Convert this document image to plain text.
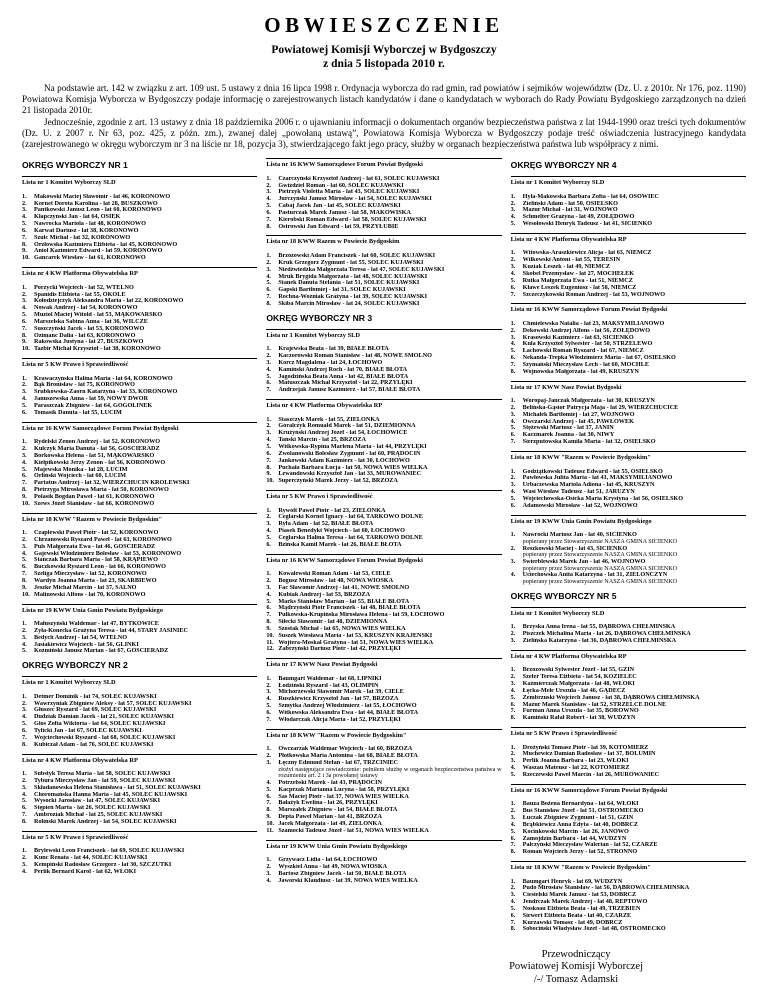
OBWIESZCZENIE
Powiatowej Komisji Wyborczej w Bydgoszczy
z dnia 5 listopada 2010 r.

Na podstawie art. 142 w związku z art. 109 ust. 5 ustawy z dnia 16 lipca 1998 r. Ordynacja wyborcza do rad gmin, rad powiatów i sejmików województw (Dz. U. z 2010r. Nr 176, poz. 1190) Powiatowa Komisja Wyborcza w Bydgoszczy podaje informację o zarejestrowanych listach kandydatów i dane o kandydatach w wyborach do Rady Powiatu Bydgoskiego zarządzonych na dzień 21 listopada 2010r.

Jednocześnie, zgodnie z art. 13 ustawy z dnia 18 października 2006 r. o ujawnianiu informacji o dokumentach organów bezpieczeństwa państwa z lat 1944-1990 oraz treści tych dokumentów (Dz. U. z 2007 r. Nr 63, poz. 425, z późn. zm.), zwanej dalej „powołaną ustawą”, Powiatowa Komisja Wyborcza w Bydgoszczy podaje treść oświadczenia lustracyjnego kandydata (zarejestrowanego w okręgu wyborczym nr 3 na liście nr 18, pozycja 3), stwierdzającego fakt jego pracy, służby w organach bezpieczeństwa państwa lub współpracy z nimi.

OKRĘG WYBORCZY NR 1
Lista nr 1 Komitet Wyborczy SLD
1.	Makowski Maciej Sławomir - lat 46, KORONOWO
2.	Kornet Dorota Karolina - lat 28, BUSZKOWO
3.	Pantkowski Janusz Leon - lat 60, KORONOWO
4.	Kłapczyński Jan - lat 64, OSIEK
5.	Nawrocka Mariola - lat 48, KORONOWO
6.	Karwat Dariusz - lat 38, KORONOWO
7.	Szulc Michał - lat 32, KORONOWO
8.	Orzłowska Kazimiera Elżbieta - lat 45, KORONOWO
9.	Aniol Kazimierz Edward - lat 59, KORONOWO
10. Gancarek Wiesław - lat 61, KORONOWO
Lista nr 4 KW Platforma Obywatelska RP
1.	Porzycki Wojciech - lat 52, WTELNO
2.	Spanidis Elżbieta - lat 55, OKOLE
3.	Kołodziejczyk Aleksandra Maria - lat 22, KORONOWO
4.	Nowak Andrzej - lat 54, KORONOWO
5.	Muziol Maciej Witold - lat 53, MĄKOWARSKO
6.	Marszelska Sabina Anna - lat 36, WILCZE
7.	Suszczyński Jacek - lat 53, KORONOWO
8.	Ozimanc Dalia - lat 63, KORONOWO
9.	Rakowska Justyna - lat 27, BUSZKOWO
10. Tazbir Michał Krzysztof - lat 38, KORONOWO
Lista nr 5 KW Prawo i Sprawiedliwość
1.	Krawaczyńska Halina Maria - lat 64, KORONOWO
2.	Bąk Bronisław - lat 75, KORONOWO
3.	Srubkowska-Zaorn Katarzyna - lat 33, KORONOWO
4.	Januszewska Anna - lat 59, NOWY DWÓR
5.	Paraszczak Zbigniew - lat 64, GOGOLINEK
6.	Tomasik Danuta - lat 55, LUCIM
Lista nr 16 KWW Samorządowe Forum Powiat Bydgoski
1.	Rydelski Zenon Andrzej - lat 52, KORONOWO
2.	Kulczyk Maria Danuta - lat 56, GOŚCIERADZ
3.	Borkowska Helena - lat 51, MĄKOWARSKO
4.	Kiełpikowski Jerzy Zenon - lat 56, KORONOWO
5.	Majewska Monika - lat 28, LUCIM
6.	Orliński Wojciech - lat 60, LUCIM
7.	Partatus Andrzej - lat 32, WIERZCHUCIN KRÓLEWSKI
8.	Pietrzyga Mirosława Maria - lat 50, KORONOWO
9.	Polasik Bogdan Paweł - lat 61, KORONOWO
10. Szews Józef Stanisław - lat 66, KORONOWO
Lista nr 18 KWW "Razem w Powiecie Bydgoskim"
1.	Czaplewski Paweł Piotr - lat 52, KORONOWO
2.	Chrzanowski Ryszard Paweł - lat 63, KORONOWO
3.	Puls Małgorzata Ewa - lat 46, GOŚCIERADZ
4.	Gajewski Włodzimierz Bolesław - lat 53, KORONOWO
5.	Stańczak Barbara Maria - lat 58, KRĄPIEWO
6.	Buczkowski Ryszard Leon - lat 66, KORONOWO
7.	Szeliga Mieczysław - lat 52, KORONOWO
8.	Wardyn Joanna Marta - lat 23, SKARBIEWO
9.	Jeszke Michał Marcin - lat 37, SALNO
10. Malinowski Alfons - lat 70, KORONOWO
Lista nr 19 KWW Unia Gmin Powiatu Bydgoskiego
1.	Małuszyński Waldemar - lat 47, BYTKOWICE
2.	Zyła-Konecka Grażyna Teresa - lat 44, STARY JASINIEC
3.	Bedych Andrzej - lat 54, WTELNO
4.	Jasiakiewicz Wojciech - lat 56, GLINKI
5.	Koźmiński Janusz Marian - lat 67, GOŚCIERADZ
OKRĘG WYBORCZY NR 2
Lista nr 1 Komitet Wyborczy SLD
1.	Detmer Dominik - lat 74, SOLEC KUJAWSKI
2.	Wawrzyniak Zbigniew Aleksy - lat 57, SOLEC KUJAWSKI
3.	Głuszec Ryszard - lat 69, SOLEC KUJAWSKI
4.	Dudziak Damian Jacek - lat 21, SOLEC KUJAWSKI
5.	Glos Zofia Wiktoria - lat 64, SOLEC KUJAWSKI
6.	Tylicki Jan - lat 67, SOLEC KUJAWSKI
7.	Wojciechowski Ryszard - lat 68, SOLEC KUJAWSKI
8.	Kubiczał Adam - lat 76, SOLEC KUJAWSKI
Lista nr 4 KW Platforma Obywatelska RP
1.	Substyk Teresa Maria - lat 58, SOLEC KUJAWSKI
2.	Tybura Mieczysław Jan - lat 59, SOLEC KUJAWSKI
3.	Składanowska Helena Stanisława - lat 51, SOLEC KUJAWSKI
4.	Choromańska Hanna Maria - lat 45, SOLEC KUJAWSKI
5.	Wysocki Jarosław - lat 47, SOLEC KUJAWSKI
6.	Stępień Marta - lat 26, SOLEC KUJAWSKI
7.	Ambroziak Michał - lat 25, SOLEC KUJAWSKI
8.	Roliński Marek Andrzej - lat 54, SOLEC KUJAWSKI
Lista nr 5 KW Prawo i Sprawiedliwość
1.	Brylewski Leon Franciszek - lat 69, SOLEC KUJAWSKI
2.	Kunc Renata - lat 44, SOLEC KUJAWSKI
3.	Kempiński Radosław Grzegorz - lat 30, SZCZUTKI
4.	Perlik Bernard Karol - lat 62, WŁÓKI
Lista nr 16 KWW Samorządowe Forum Powiat Bydgoski
1.	Czarczyński Krzysztof Andrzej - lat 61, SOLEC KUJAWSKI
2.	Gwiździel Roman - lat 60, SOLEC KUJAWSKI
3.	Pietrzyk Violetta Maria - lat 43, SOLEC KUJAWSKI
4.	Jurczyński Janusz Mirosław - lat 54, SOLEC KUJAWSKI
5.	Cabaj Jacek Jan - lat 45, SOLEC KUJAWSKI
6.	Pasturczak Marek Janusz - lat 58, MAKOWISKA
7.	Kierobski Roman Edward - lat 58, SOLEC KUJAWSKI
8.	Ostrowski Jan Edward - lat 59, PRZYŁUBIE
Lista nr 18 KWW Razem w Powiecie Bydgoskim
1.	Brzozowski Adam Franciszek - lat 60, SOLEC KUJAWSKI
2.	Kruk Grzegorz Zygmunt - lat 55, SOLEC KUJAWSKI
3.	Niedźwiedzka Małgorzata Teresa - lat 47, SOLEC KUJAWSKI
4.	Mruk Brygida Małgorzata - lat 48, SOLEC KUJAWSKI
5.	Stanek Danuta Stefania - lat 51, SOLEC KUJAWSKI
6.	Gapski Bartłomiej - lat 31, SOLEC KUJAWSKI
7.	Rochna-Woźniak Grażyna - lat 39, SOLEC KUJAWSKI
8.	Skiba Marcin Mirosław - lat 24, SOLEC KUJAWSKI
OKRĘG WYBORCZY NR 3
Lista nr 1 Komitet Wyborczy SLD
1.	Krajewska Beata - lat 39, BIAŁE BŁOTA
2.	Kaczorowski Roman Stanisław - lat 48, NOWE SMOLNO
3.	Korcz Magdalena - lat 24, ŁOCHOWO
4.	Kamiński Andrzej Roch - lat 70, BIAŁE BŁOTA
5.	Jagodzińska Beata Anna - lat 42, BIAŁE BŁOTA
6.	Matuszczak Michał Krzysztof - lat 22, PRZYLĘKI
7.	Andrzejak Janusz Kazimierz - lat 57, BIAŁE BŁOTA
Lista nr 4 KW Platforma Obywatelska RP
1.	Staszczyk Marek - lat 55, ZIELONKA
2.	Góralczyk Romuald Marek - lat 51, DZIEMIONNA
3.	Krużyński Andrzej Józef - lat 54, ŁOCHOWICE
4.	Tański Marcin - lat 25, BRZOZA
5.	Witkowska-Rypina Marlena Maria - lat 44, PRZYLĘKI
6.	Zwolanowski Bolesław Zygmunt - lat 60, PRĄDOCIN
7.	Jankowski Adam Kazimierz - lat 30, ŁOCHOWO
8.	Puchała Barbara Łucja - lat 50, NOWA WIEŚ WIELKA
9.	Lewandowski Krzysztof Jan - lat 33, MUROWANIEC
10. Superczyński Marek Jerzy - lat 52, BRZOZA
Lista nr 5 KW Prawo i Sprawiedliwość
1.	Rywolt Paweł Piotr - lat 23, ZIELONKA
2.	Cegłarski Kornel Ignacy - lat 64, TARKOWO DOLNE
3.	Ryfa Adam - lat 52, BIAŁE BŁOTA
4.	Piasek Benedykt Wojciech - lat 60, ŁOCHOWO
5.	Cegłarska Halina Teresa - lat 64, TARKOWO DOLNE
6.	Bzińska Kamil Marek - lat 26, BIAŁE BŁOTA
Lista nr 16 KWW Samorządowe Forum Powiat Bydgoski
1.	Kowalewski Roman Adam - lat 53, CIELE
2.	Bogusz Mirosław - lat 48, NOWA WIOSKA
3.	Fac Sławomir Andrzej - lat 41, NOWE SMOLNO
4.	Kubiak Andrzej - lat 53, BRZOZA
5.	Marks Stanisław Marian - lat 55, BIAŁE BŁOTA
6.	Mądrzyński Piotr Franciszek - lat 48, BIAŁE BŁOTA
7.	Pulkowska-Krupińska Mirosława Helena - lat 59, ŁOCHOWO
8.	Siłecki Sławomir - lat 48, DZIEMIONNA
9.	Szostak Michał - lat 65, NOWA WIEŚ WIELKA
10. Suszek Wiesława Maria - lat 53, KRUSZYN KRAJEŃSKI
11. Wojtera-Moskal Grażyna - lat 51, NOWA WIEŚ WIELKA
12. Zabrzyński Dariusz Piotr - lat 42, PRZYLĘKI
Lista nr 17 KWW Nasz Powiat Bydgoski
1.	Baumgart Waldemar - lat 68, LIPNIKI
2.	Łodziński Ryszard - lat 43, OLIMPIN
3.	Michorzewski Sławomir Marek - lat 39, CIELE
4.	Ruszkiewicz Krzysztof Jan - lat 57, BRZOZA
5.	Szmytka Andrzej Włodzimierz - lat 55, ŁOCHOWO
6.	Witkowska Aleksandra Ewa - lat 44, BIAŁE BŁOTA
7.	Włodarczak Alicja Maria - lat 52, PRZYLĘKI
Lista nr 18 KWW "Razem w Powiecie Bydgoskim"
1.	Owczarzak Waldemar Wojciech - lat 60, BRZOZA
2.	Płotkowska Maria Antonina - lat 68, BIAŁE BŁOTA
3.	Łęczny Edmund Stefan - lat 67, TRZCINIEC
złożył następujące oświadczenie: pełniłem służbę w organach bezpieczeństwa państwa w rozumieniu art. 2 i 3a powołanej ustawy
4.	Potrzebski Marek - lat 43, PRĄDOCIN
5.	Kacprzak Marianna Lucyna - lat 58, PRZYLĘKI
6.	Sas Maciej Piotr - lat 37, NOWA WIEŚ WIELKA
7.	Bałażyk Ewelina - lat 26, PRZYLĘKI
8.	Marszałek Zbigniew - lat 54, BIAŁE BŁOTA
9.	Depta Paweł Marian - lat 41, BRZOZA
10. Jacek Małgorzata - lat 49, ZIELONKA
11. Szamocki Tadeusz Józef - lat 51, NOWA WIEŚ WIELKA
Lista nr 19 KWW Unia Gmin Powiatu Bydgoskiego
1.	Grzywacz Lidia - lat 64, ŁOCHOWO
2.	Wyszkiel Anna - lat 49, NOWA WIOSKA
3.	Bartosz Zbigniew Jacek - lat 50, BIAŁE BŁOTA
4.	Jaworski Klaudiusz - lat 39, NOWA WIEŚ WIELKA
OKRĘG WYBORCZY NR 4
Lista nr 1 Komitet Wyborczy SLD
1.	Hyla-Makowska Barbara Zofia - lat 64, OSÓWIEC
2.	Zieliński Adam - lat 50, OSIELSKO
3.	Mazur Michał - lat 31, WOJNOWO
4.	Schmelter Grażyna - lat 49, ŻOŁĘDOWO
5.	Wesołowski Henryk Tadeusz - lat 41, SICIENKO
Lista nr 4 KW Platforma Obywatelska RP
1.	Witowska-Araszkiewicz Alicja - lat 63, NIEMCZ
2.	Wilkowski Antoni - lat 55, TERESIN
3.	Kuziak Leszek - lat 49, NIEMCZ
4.	Skobel Przemysław - lat 27, MOCHEŁEK
5.	Rutka Małgorzata Ewa - lat 51, NIEMCZ
6.	Kławe Leszek Eugeniusz - lat 58, NIEMCZ
7.	Szczeczykowski Roman Andrzej - lat 53, WOJNOWO
Lista nr 16 KWW Samorządowe Forum Powiat Bydgoski
1.	Chmielewska Natalia - lat 23, MAKSYMILIANOWO
2.	Dekowski Andrzej Alfons - lat 56, ŻOŁĘDOWO
3.	Krasowski Kazimierz - lat 63, SICIENKO
4.	Kula Krzysztof Sylwester - lat 50, STRZELEWO
5.	Łachowski Roman Ryszard - lat 67, NIEMCZ
6.	Nekanda-Trepka Włodzimierz Maria - lat 67, OSIELSKO
7.	Szymański Mieczysław Lech - lat 60, MOCHLE
8.	Wojnowska Małgorzata - lat 49, KRUSZYN
Lista nr 17 KWW Nasz Powiat Bydgoski
1.	Woropaj-Janczak Małgorzata - lat 30, KRUSZYN
2.	Belińska-Gąsior Patrycja Maja - lat 29, WIERZCHUCICE
3.	Michałek Bartłomiej - lat 27, WOJNOWO
4.	Owczarski Andrzej - lat 45, PAWŁÓWEK
5.	Stężewski Mariusz - lat 37, JANIN
6.	Kaczmarek Joanna - lat 30, NIWY
7.	Sierzputowska Kamila Maria - lat 32, OSIELSKO
Lista nr 18 KWW "Razem w Powiecie Bydgoskim"
1.	Godziątkowski Tadeusz Edward - lat 55, OSIELSKO
2.	Pawłowska Julita Maria - lat 41, MAKSYMILIANOWO
3.	Urbaczewska Mariola Adiona - lat 45, KRUSZYN
4.	Wasi Wiesław Tadeusz - lat 51, JARUŻYN
5.	Wojciechowska-Osicka Maria Krystyna - lat 56, OSIELSKO
6.	Adamowski Mirosław - lat 52, WOJNOWO
Lista nr 19 KWW Unia Gmin Powiatu Bydgoskiego
1.	Nawrocki Mariusz Jan - lat 40, SICIENKO
popierany przez Stowarzyszenie NASZA GMINA SICIENKO
2.	Reszkowski Maciej - lat 43, SICIENKO
popierany przez Stowarzyszenie NASZA GMINA SICIENKO
3.	Świerblewski Marek Jan - lat 46, WOJNOWO
popierany przez Stowarzyszenie NASZA GMINA SICIENKO
4.	Uciechowska Anita Katarzyna - lat 31, ZIELONCZYN
popierany przez Stowarzyszenie NASZA GMINA SICIENKO
OKRĘG WYBORCZY NR 5
Lista nr 1 Komitet Wyborczy SLD
1.	Brzyska Anna Irena - lat 55, DĄBROWA CHEŁMIŃSKA
2.	Piszczek Michalina Maria - lat 26, DĄBROWA CHEŁMIŃSKA
3.	Zielińska Katarzyna - lat 36, DĄBROWA CHEŁMIŃSKA
Lista nr 4 KW Platforma Obywatelska RP
1.	Brzozowski Sylwester Józef - lat 55, GZIN
2.	Szefer Teresa Elżbieta - lat 54, KOZIELEC
3.	Kaźmierczak Małgorzata - lat 48, WŁÓKI
4.	Łęcka-Mele Urszula - lat 46, GĄDECZ
5.	Zembrzuski Wojciech Janusz - lat 38, DĄBROWA CHEŁMIŃSKA
6.	Mazur Marek Stanisław - lat 52, STRZELCE DOLNE
7.	Furman Anna Urszula - lat 35, BOROWNO
8.	Kamiński Rafał Robert - lat 38, WUDZYN
Lista nr 5 KW Prawo i Sprawiedliwość
1.	Drożyński Tomasz Piotr - lat 39, KOTOMIERZ
2.	Muchewicz Damian Radosław - lat 37, BOLUMIN
3.	Perlik Joanna Barbara - lat 23, WŁÓKI
4.	Waszau Mateusz - lat 22, KOTOMIERZ
5.	Rzeczewski Paweł Marcin - lat 26, MUROWANIEC
Lista nr 16 KWW Samorządowe Forum Powiat Bydgoski
1.	Bauza Bożena Bernardyna - lat 64, WŁÓKI
2.	Buś Stanisław Józef - lat 51, OSTROMECKO
3.	Łuczak Zbigniew Zygmunt - lat 51, GZIN
4.	Brąbkiewicz Anna Edyta - lat 40, DOBRCZ
5.	Kocinkowski Marcin - lat 26, JANOWO
6.	Zamojdzin Barbara - lat 44, WUDZYN
7.	Pałczyński Mieczysław Walerian - lat 52, CZARŻE
8.	Roman Wojciech Jerzy - lat 52, STRONNO
Lista nr 18 KWW "Razem w Powiecie Bydgoskim"
1.	Baumgart Henryk - lat 69, WUDZYN
2.	Pudo Mirosław Stanisław - lat 56, DĄBROWA CHEŁMIŃSKA
3.	Ciesielski Marek Janusz - lat 53, DOBRCZ
4.	Jendrczak Marek Andrzej - lat 48, REPTOWO
5.	Noskoau Elżbieta Beata - lat 49, TRZEBIEŃ
6.	Siewert Elżbieta Beata - lat 40, CZARŻE
7.	Kurzawski Tomasz - lat 49, DOBRCZ
8.	Sobociński Władysław Józef - lat 48, OSTROMECKO
Przewodniczący
Powiatowej Komisji Wyborczej
/-/ Tomasz Adamski
